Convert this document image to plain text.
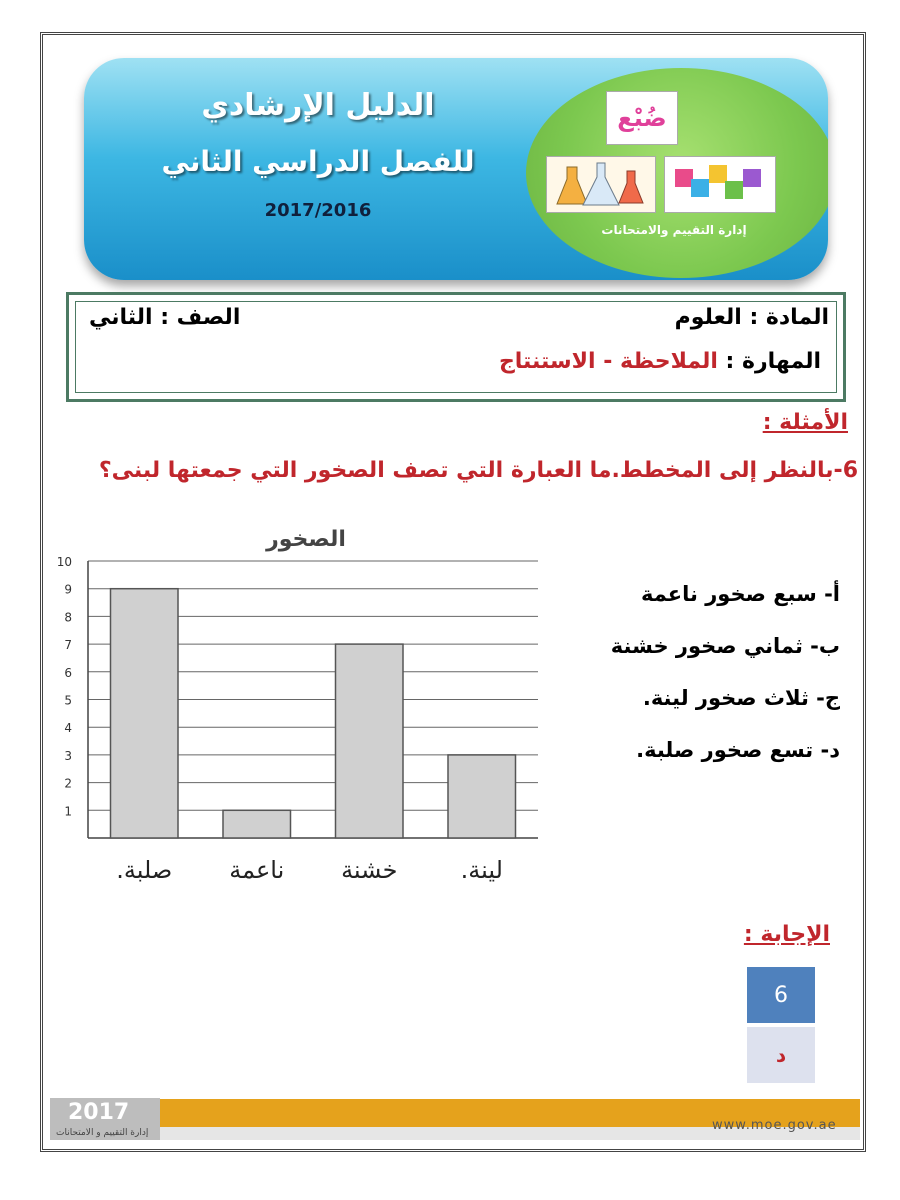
الدليل الإرشادي
للفصل الدراسي الثاني
2017/2016
ضُبْع
إدارة التقييم والامتحانات
المادة : العلوم
الصف : الثاني
المهارة : الملاحظة - الاستنتاج
الأمثلة :
6-بالنظر إلى المخطط.ما العبارة التي تصف الصخور التي جمعتها لبنى؟
الصخور
1
2
3
4
5
6
7
8
9
10
صلبة. ناعمة خشنة	لينة.
أ- سبع صخور ناعمة
ب- ثماني صخور خشنة
ج- ثلاث صخور لينة.
د- تسع صخور صلبة.
الإجابة :
6
د
2017
إدارة التقييم و الامتحانات	www.moe.gov.ae
